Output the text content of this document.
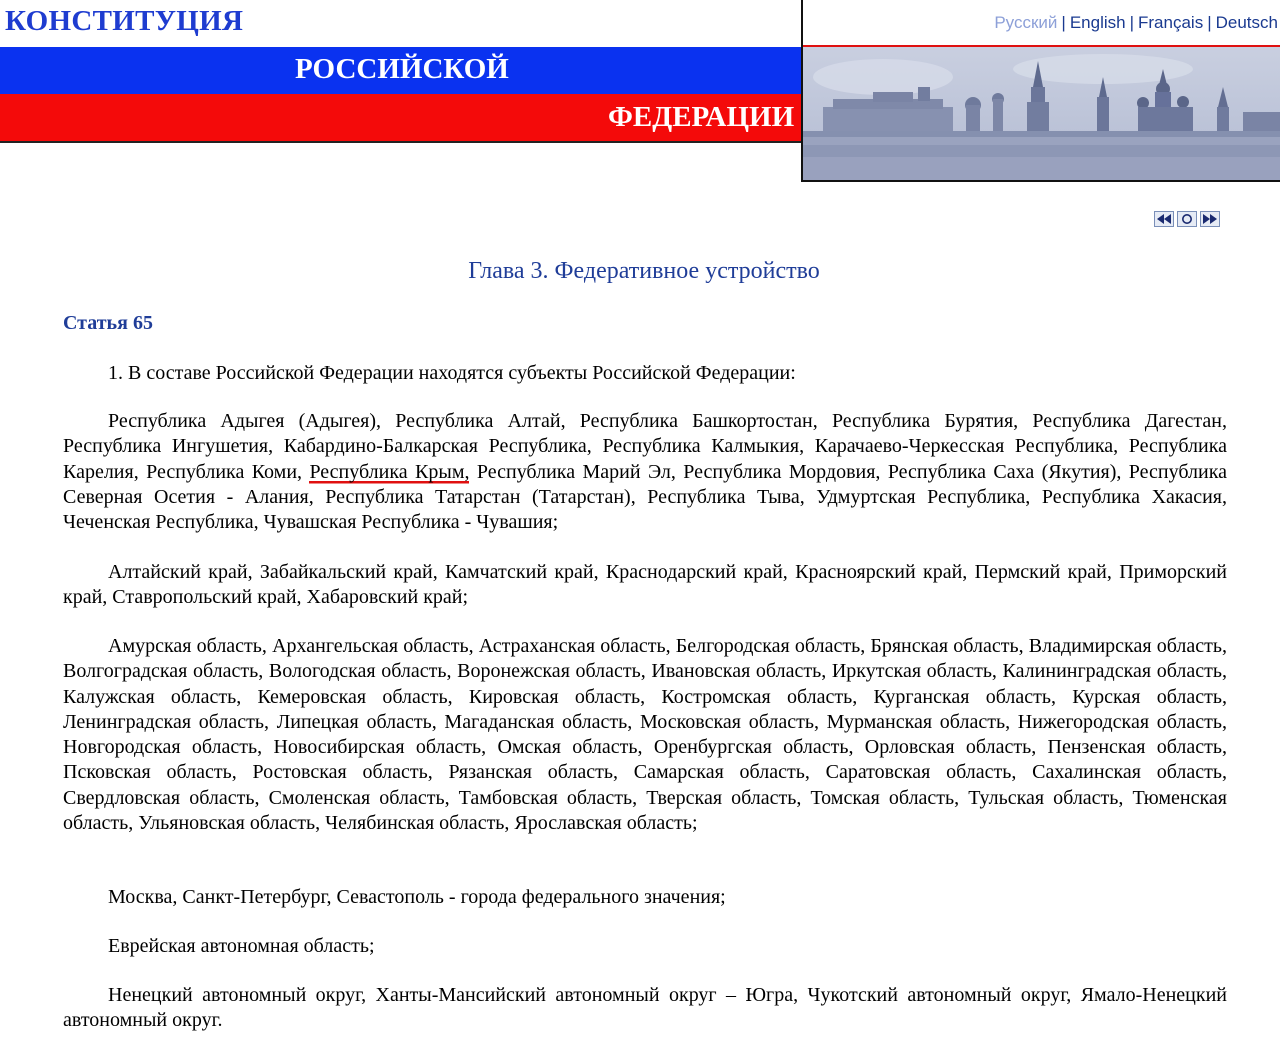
КОНСТИТУЦИЯ
РОССИЙСКОЙ
ФЕДЕРАЦИИ
Русский | English | Français | Deutsch
Глава 3. Федеративное устройство
Статья 65
1. В составе Российской Федерации находятся субъекты Российской Федерации:
Республика Адыгея (Адыгея), Республика Алтай, Республика Башкортостан, Республика Бурятия, Республика Дагестан, Республика Ингушетия, Кабардино-Балкарская Республика, Республика Калмыкия, Карачаево-Черкесская Республика, Республика Карелия, Республика Коми, Республика Крым, Республика Марий Эл, Республика Мордовия, Республика Саха (Якутия), Республика Северная Осетия - Алания, Республика Татарстан (Татарстан), Республика Тыва, Удмуртская Республика, Республика Хакасия, Чеченская Республика, Чувашская Республика - Чувашия;
Алтайский край, Забайкальский край, Камчатский край, Краснодарский край, Красноярский край, Пермский край, Приморский край, Ставропольский край, Хабаровский край;
Амурская область, Архангельская область, Астраханская область, Белгородская область, Брянская область, Владимирская область, Волгоградская область, Вологодская область, Воронежская область, Ивановская область, Иркутская область, Калининградская область, Калужская область, Кемеровская область, Кировская область, Костромская область, Курганская область, Курская область, Ленинградская область, Липецкая область, Магаданская область, Московская область, Мурманская область, Нижегородская область, Новгородская область, Новосибирская область, Омская область, Оренбургская область, Орловская область, Пензенская область, Псковская область, Ростовская область, Рязанская область, Самарская область, Саратовская область, Сахалинская область, Свердловская область, Смоленская область, Тамбовская область, Тверская область, Томская область, Тульская область, Тюменская область, Ульяновская область, Челябинская область, Ярославская область;
Москва, Санкт-Петербург, Севастополь - города федерального значения;
Еврейская автономная область;
Ненецкий автономный округ, Ханты-Мансийский автономный округ – Югра, Чукотский автономный округ, Ямало-Ненецкий автономный округ.
